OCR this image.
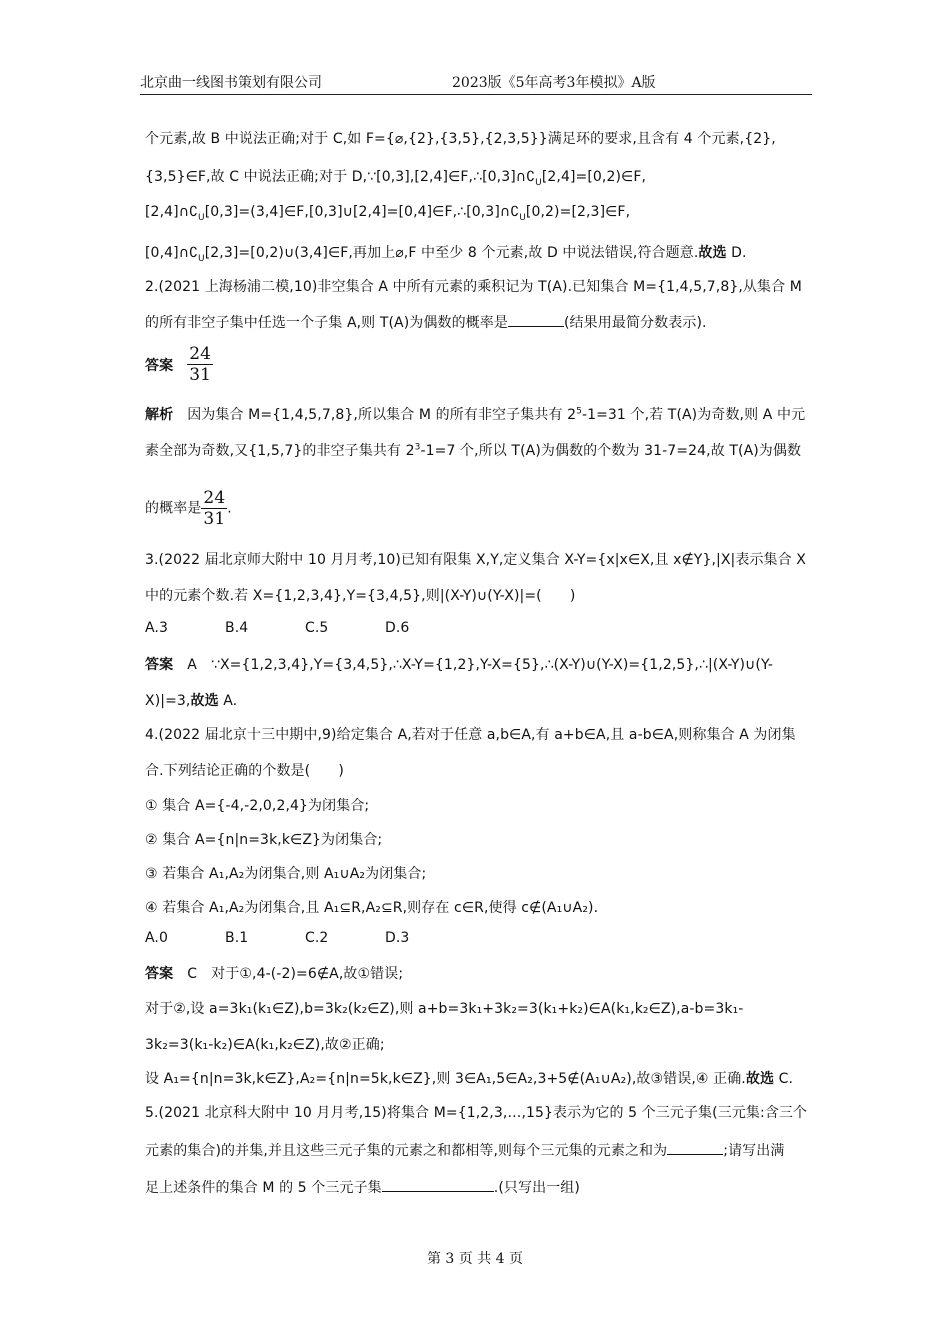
北京曲一线图书策划有限公司	2023版《5年高考3年模拟》A版
个元素,故 B 中说法正确;对于 C,如 F={⌀,{2},{3,5},{2,3,5}}满足环的要求,且含有 4 个元素,{2},
{3,5}∈F,故 C 中说法正确;对于 $D,\because[0,3],[2,4]\in F,\therefore[0,3]\cap∁_U[2,4]=[0,2)\in F$,
$[2,4]\cap∁_U[0,3]=(3,4]\in F,[0,3]\cup[2,4]=[0,4]\in F,\therefore[0,3]\cap∁_U[0,2)=[2,3]\in F$,
$[0,4]\cap∁_U[2,3]=[0,2)\cup(3,4]\in F$,再加上⌀,F 中至少 8 个元素,故 D 中说法错误,符合题意.故选 D.
2.(2021 上海杨浦二模,10)非空集合 A 中所有元素的乘积记为 T(A).已知集合 M={1,4,5,7,8},从集合 M
的所有非空子集中任选一个子集 A,则 T(A)为偶数的概率是	(结果用最简分数表示).
答案 $\frac{24}{31}$
解析 因为集合 M={1,4,5,7,8},所以集合 M 的所有非空子集共有 $2^5-1=31$ 个,若 T(A)为奇数,则 A 中元
素全部为奇数,又{1,5,7}的非空子集共有 $2^3-1=7$ 个,所以 T(A)为偶数的个数为 31-7=24,故 T(A)为偶数
的概率是 $\frac{24}{31}$ .
3.(2022 届北京师大附中 10 月月考,10)已知有限集 X,Y,定义集合 X-Y={x|x∈X,且 x∉Y},|X|表示集合 X
中的元素个数.若 X={1,2,3,4},Y={3,4,5},则|(X-Y)∪(Y-X)|=(　　)
A.3	B.4	C.5	D.6
答案 A　∵X={1,2,3,4},Y={3,4,5},∴X-Y={1,2},Y-X={5},∴(X-Y)∪(Y-X)={1,2,5},∴|(X-Y)∪(Y-
X)|=3,故选 A.
4.(2022 届北京十三中期中,9)给定集合 A,若对于任意 a,b∈A,有 a+b∈A,且 a-b∈A,则称集合 A 为闭集
合.下列结论正确的个数是(　　)
① 集合 A={-4,-2,0,2,4}为闭集合;
② 集合 A={n|n=3k,k∈Z}为闭集合;
③ 若集合 A₁,A₂为闭集合,则 A₁∪A₂为闭集合;
④ 若集合 A₁,A₂为闭集合,且 A₁⊆R,A₂⊆R,则存在 c∈R,使得 c∉(A₁∪A₂).
A.0	B.1	C.2	D.3
答案 C　对于①,4-(-2)=6∉A,故①错误;
对于②,设 a=3k₁(k₁∈Z),b=3k₂(k₂∈Z),则 a+b=3k₁+3k₂=3(k₁+k₂)∈A(k₁,k₂∈Z),a-b=3k₁-
3k₂=3(k₁-k₂)∈A(k₁,k₂∈Z),故②正确;
设 A₁={n|n=3k,k∈Z},A₂={n|n=5k,k∈Z},则 3∈A₁,5∈A₂,3+5∉(A₁∪A₂),故③错误,④ 正确.故选 C.
5.(2021 北京科大附中 10 月月考,15)将集合 M={1,2,3,…,15}表示为它的 5 个三元子集(三元集:含三个
元素的集合)的并集,并且这些三元子集的元素之和都相等,则每个三元集的元素之和为	;请写出满
足上述条件的集合 M 的 5 个三元子集	.(只写出一组)
第 3 页 共 4 页
